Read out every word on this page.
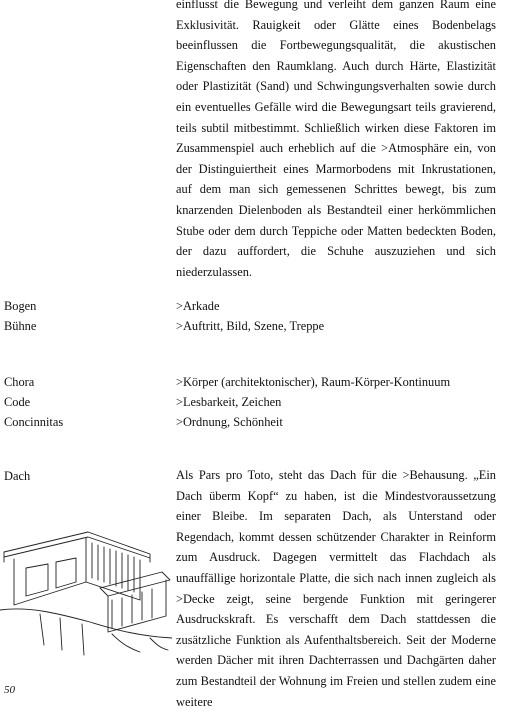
einflusst die Bewegung und verleiht dem ganzen Raum eine Exklusivität. Rauigkeit oder Glätte eines Bodenbelags beeinflussen die Fortbewegungsqualität, die akustischen Eigenschaften den Raumklang. Auch durch Härte, Elastizität oder Plastizität (Sand) und Schwingungsverhalten sowie durch ein eventuelles Gefälle wird die Bewegungsart teils gravierend, teils subtil mitbestimmt. Schließlich wirken diese Faktoren im Zusammenspiel auch erheblich auf die >Atmosphäre ein, von der Distinguiertheit eines Marmorbodens mit Inkrustationen, auf dem man sich gemessenen Schrittes bewegt, bis zum knarzenden Dielenboden als Bestandteil einer herkömmlichen Stube oder dem durch Teppiche oder Matten bedeckten Boden, der dazu auffordert, die Schuhe auszuziehen und sich niederzulassen.

Bogen	>Arkade
Bühne	>Auftritt, Bild, Szene, Treppe
Chora	>Körper (architektonischer), Raum-Körper-Kontinuum
Code	>Lesbarkeit, Zeichen
Concinnitas	>Ordnung, Schönheit
Dach	Als Pars pro Toto, steht das Dach für die >Behausung. „Ein Dach überm Kopf“ zu haben, ist die Mindestvoraussetzung einer Bleibe. Im separaten Dach, als Unterstand oder Regendach, kommt dessen schützender Charakter in Reinform zum Ausdruck. Dagegen vermittelt das Flachdach als unauffällige horizontale Platte, die sich nach innen zugleich als >Decke zeigt, seine bergende Funktion mit geringerer Ausdruckskraft. Es verschafft dem Dach stattdessen die zusätzliche Funktion als Aufenthaltsbereich. Seit der Moderne werden Dächer mit ihren Dachterrassen und Dachgärten daher zum Bestandteil der Wohnung im Freien und stellen zudem eine weitere

50
